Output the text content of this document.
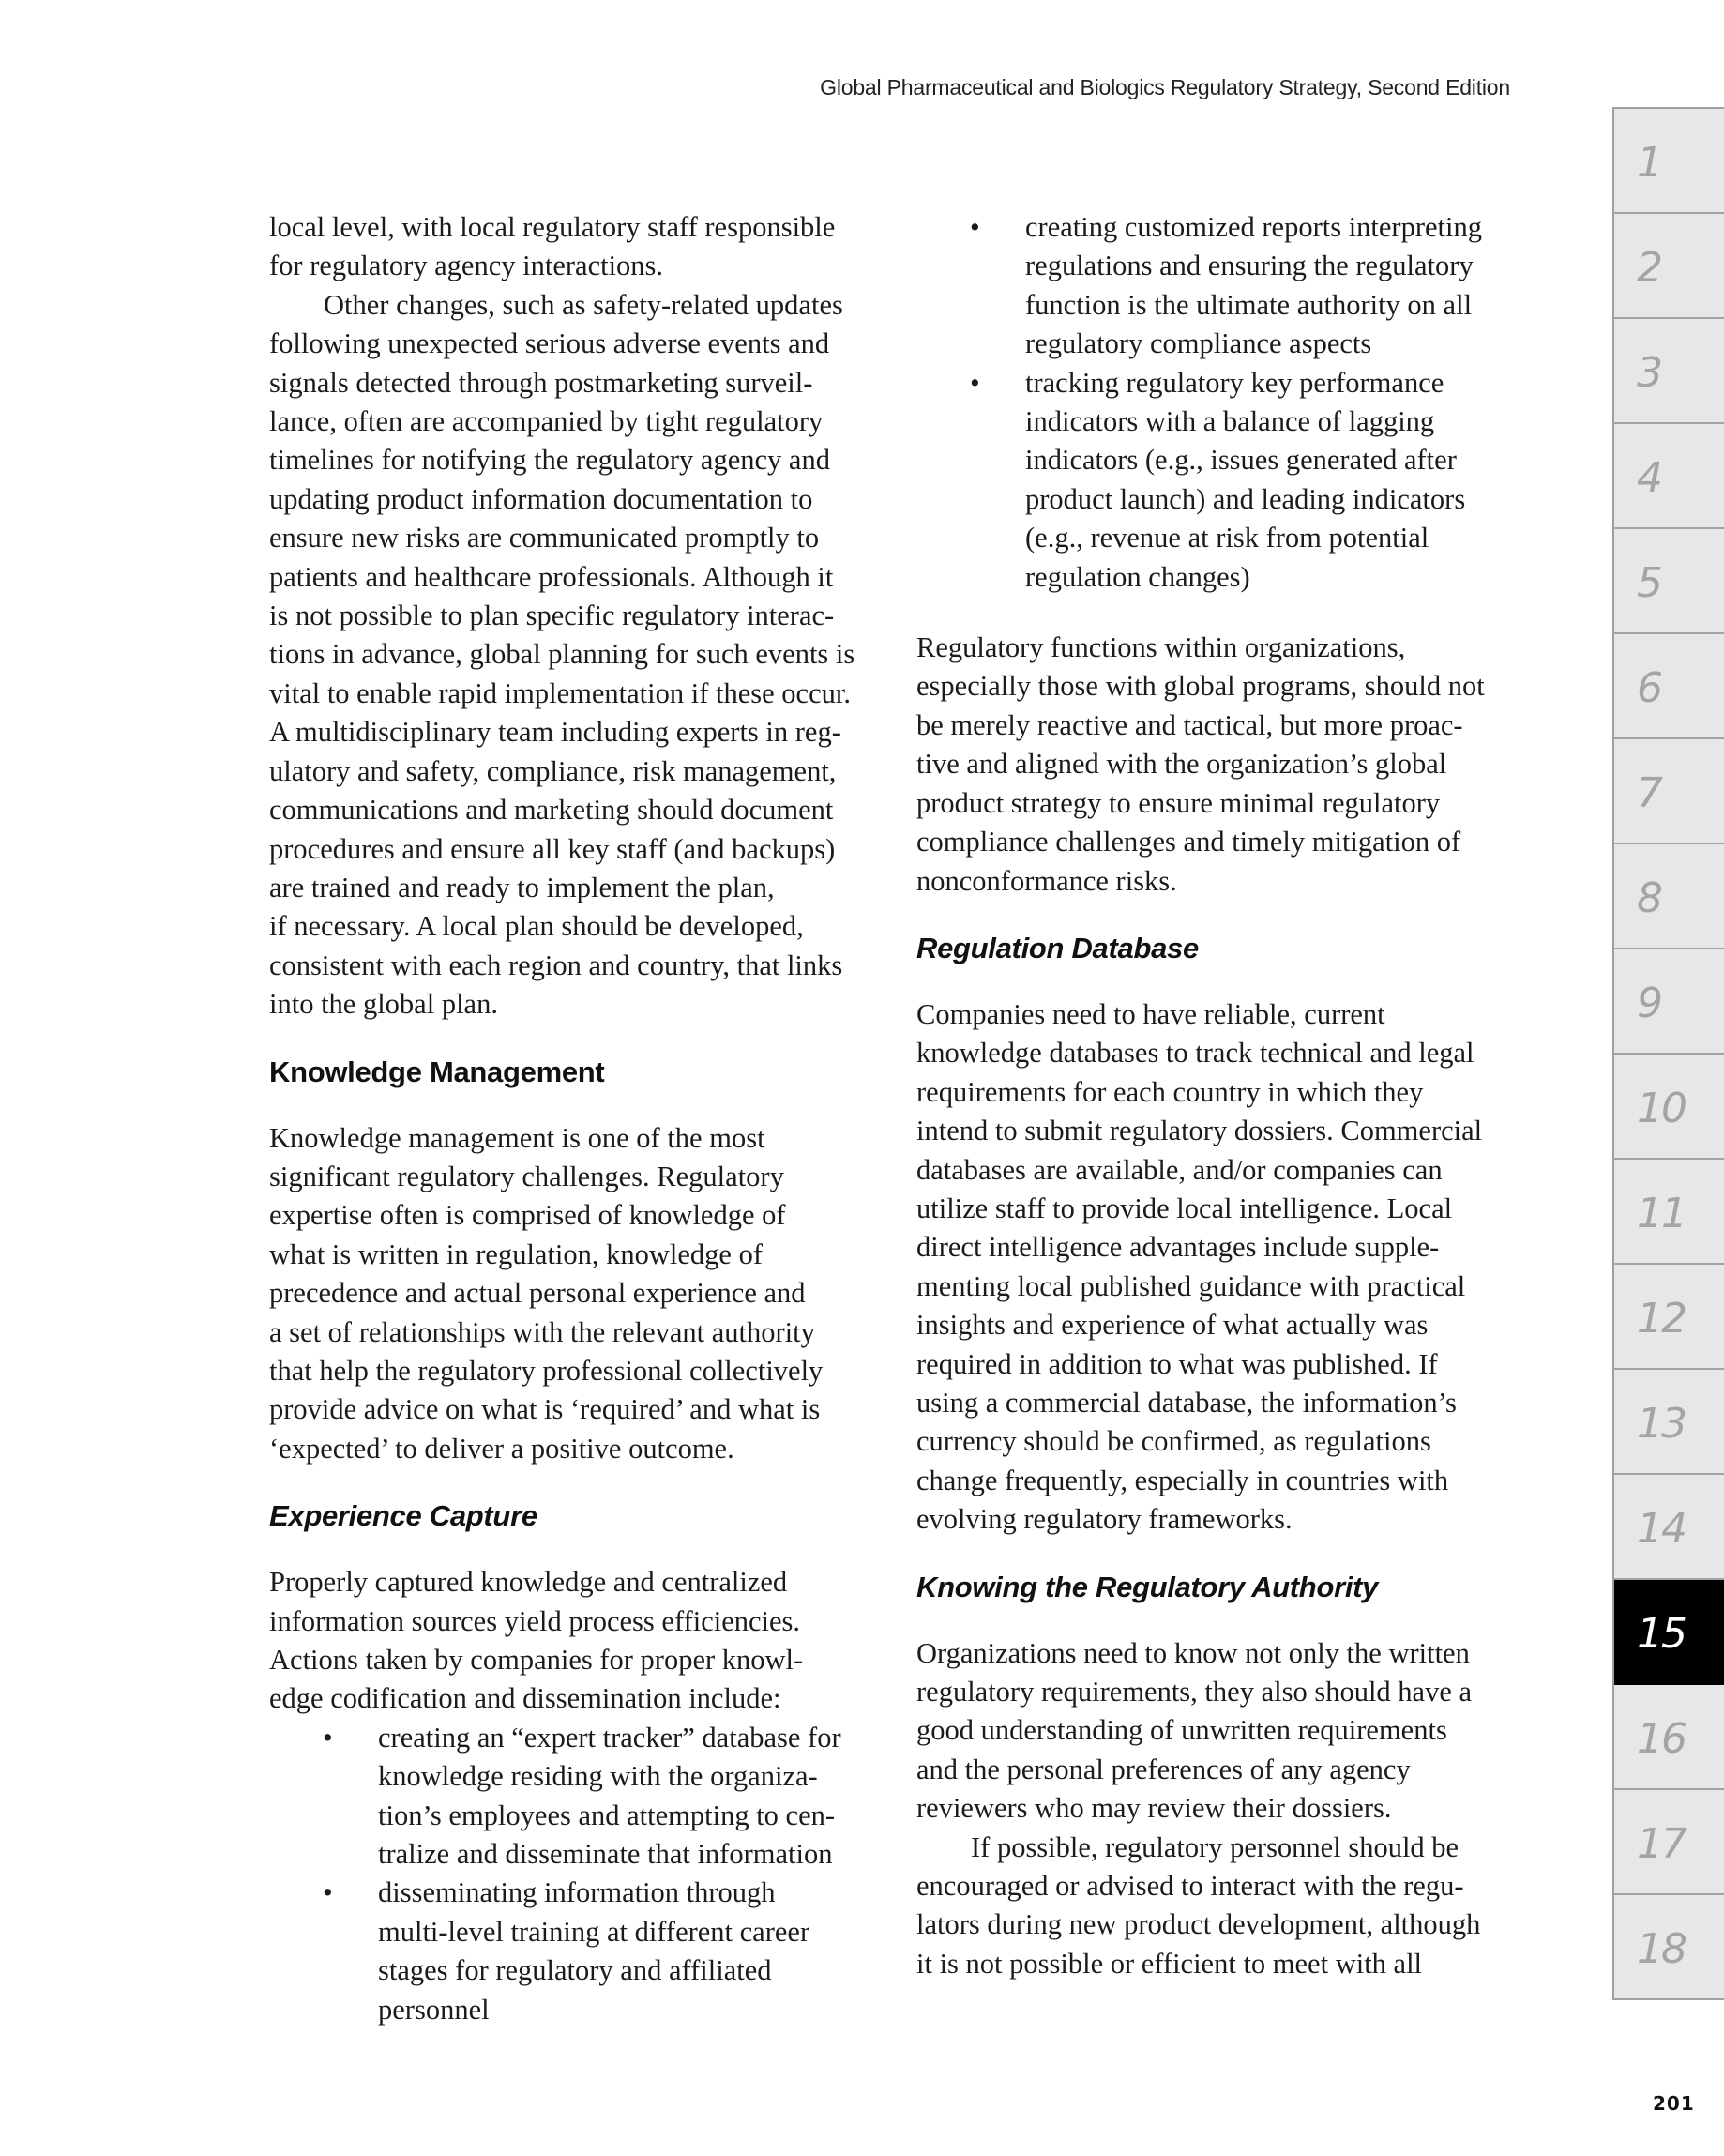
Global Pharmaceutical and Biologics Regulatory Strategy, Second Edition

local level, with local regulatory staff responsible
for regulatory agency interactions.

Other changes, such as safety-related updates
following unexpected serious adverse events and
signals detected through postmarketing surveil-
lance, often are accompanied by tight regulatory
timelines for notifying the regulatory agency and
updating product information documentation to
ensure new risks are communicated promptly to
patients and healthcare professionals. Although it
is not possible to plan specific regulatory interac-
tions in advance, global planning for such events is
vital to enable rapid implementation if these occur.
A multidisciplinary team including experts in reg-
ulatory and safety, compliance, risk management,
communications and marketing should document
procedures and ensure all key staff (and backups)
are trained and ready to implement the plan,
if necessary. A local plan should be developed,
consistent with each region and country, that links
into the global plan.

Knowledge Management

Knowledge management is one of the most
significant regulatory challenges. Regulatory
expertise often is comprised of knowledge of
what is written in regulation, knowledge of
precedence and actual personal experience and
a set of relationships with the relevant authority
that help the regulatory professional collectively
provide advice on what is ‘required’ and what is
‘expected’ to deliver a positive outcome.

Experience Capture

Properly captured knowledge and centralized
information sources yield process efficiencies.
Actions taken by companies for proper knowl-
edge codification and dissemination include:

• creating an “expert tracker” database for
knowledge residing with the organiza-
tion’s employees and attempting to cen-
tralize and disseminate that information
• disseminating information through
multi-level training at different career
stages for regulatory and affiliated
personnel
• creating customized reports interpreting
regulations and ensuring the regulatory
function is the ultimate authority on all
regulatory compliance aspects
• tracking regulatory key performance
indicators with a balance of lagging
indicators (e.g., issues generated after
product launch) and leading indicators
(e.g., revenue at risk from potential
regulation changes)

Regulatory functions within organizations,
especially those with global programs, should not
be merely reactive and tactical, but more proac-
tive and aligned with the organization’s global
product strategy to ensure minimal regulatory
compliance challenges and timely mitigation of
nonconformance risks.

Regulation Database

Companies need to have reliable, current
knowledge databases to track technical and legal
requirements for each country in which they
intend to submit regulatory dossiers. Commercial
databases are available, and/or companies can
utilize staff to provide local intelligence. Local
direct intelligence advantages include supple-
menting local published guidance with practical
insights and experience of what actually was
required in addition to what was published. If
using a commercial database, the information’s
currency should be confirmed, as regulations
change frequently, especially in countries with
evolving regulatory frameworks.

Knowing the Regulatory Authority

Organizations need to know not only the written
regulatory requirements, they also should have a
good understanding of unwritten requirements
and the personal preferences of any agency
reviewers who may review their dossiers.

If possible, regulatory personnel should be
encouraged or advised to interact with the regu-
lators during new product development, although
it is not possible or efficient to meet with all

1
2
3
4
5
6
7
8
9
10
11
12
13
14
15
16
17
18
201
